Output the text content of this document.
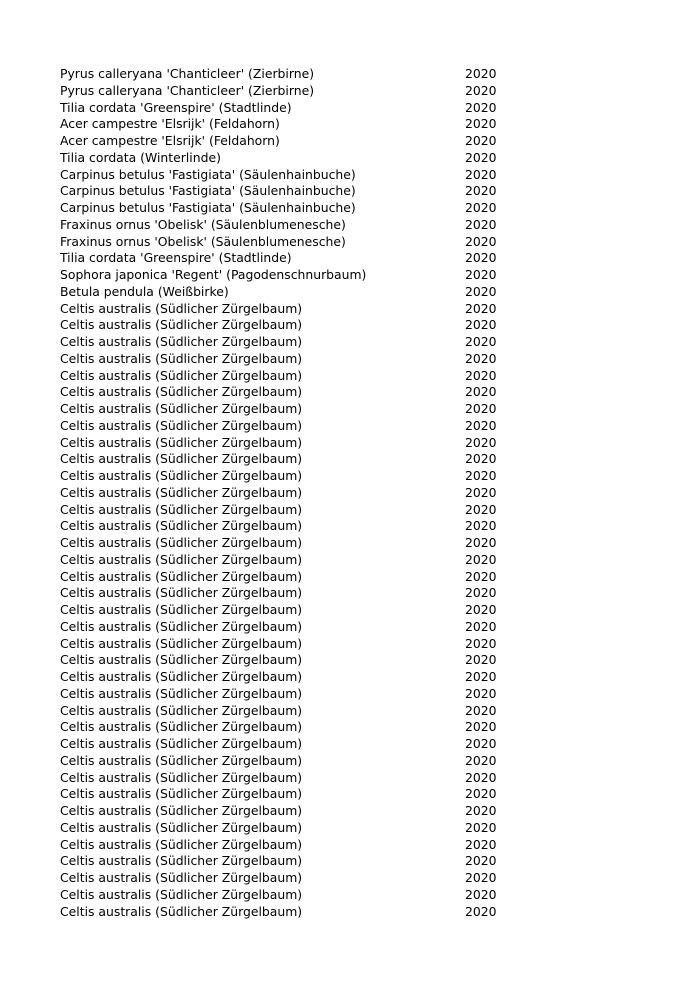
Pyrus calleryana 'Chanticleer' (Zierbirne)	2020
Pyrus calleryana 'Chanticleer' (Zierbirne)	2020
Tilia cordata 'Greenspire' (Stadtlinde)	2020
Acer campestre 'Elsrijk' (Feldahorn)	2020
Acer campestre 'Elsrijk' (Feldahorn)	2020
Tilia cordata (Winterlinde)	2020
Carpinus betulus 'Fastigiata' (Säulenhainbuche)	2020
Carpinus betulus 'Fastigiata' (Säulenhainbuche)	2020
Carpinus betulus 'Fastigiata' (Säulenhainbuche)	2020
Fraxinus ornus 'Obelisk' (Säulenblumenesche)	2020
Fraxinus ornus 'Obelisk' (Säulenblumenesche)	2020
Tilia cordata 'Greenspire' (Stadtlinde)	2020
Sophora japonica 'Regent' (Pagodenschnurbaum)	2020
Betula pendula (Weißbirke)	2020
Celtis australis (Südlicher Zürgelbaum)	2020
Celtis australis (Südlicher Zürgelbaum)	2020
Celtis australis (Südlicher Zürgelbaum)	2020
Celtis australis (Südlicher Zürgelbaum)	2020
Celtis australis (Südlicher Zürgelbaum)	2020
Celtis australis (Südlicher Zürgelbaum)	2020
Celtis australis (Südlicher Zürgelbaum)	2020
Celtis australis (Südlicher Zürgelbaum)	2020
Celtis australis (Südlicher Zürgelbaum)	2020
Celtis australis (Südlicher Zürgelbaum)	2020
Celtis australis (Südlicher Zürgelbaum)	2020
Celtis australis (Südlicher Zürgelbaum)	2020
Celtis australis (Südlicher Zürgelbaum)	2020
Celtis australis (Südlicher Zürgelbaum)	2020
Celtis australis (Südlicher Zürgelbaum)	2020
Celtis australis (Südlicher Zürgelbaum)	2020
Celtis australis (Südlicher Zürgelbaum)	2020
Celtis australis (Südlicher Zürgelbaum)	2020
Celtis australis (Südlicher Zürgelbaum)	2020
Celtis australis (Südlicher Zürgelbaum)	2020
Celtis australis (Südlicher Zürgelbaum)	2020
Celtis australis (Südlicher Zürgelbaum)	2020
Celtis australis (Südlicher Zürgelbaum)	2020
Celtis australis (Südlicher Zürgelbaum)	2020
Celtis australis (Südlicher Zürgelbaum)	2020
Celtis australis (Südlicher Zürgelbaum)	2020
Celtis australis (Südlicher Zürgelbaum)	2020
Celtis australis (Südlicher Zürgelbaum)	2020
Celtis australis (Südlicher Zürgelbaum)	2020
Celtis australis (Südlicher Zürgelbaum)	2020
Celtis australis (Südlicher Zürgelbaum)	2020
Celtis australis (Südlicher Zürgelbaum)	2020
Celtis australis (Südlicher Zürgelbaum)	2020
Celtis australis (Südlicher Zürgelbaum)	2020
Celtis australis (Südlicher Zürgelbaum)	2020
Celtis australis (Südlicher Zürgelbaum)	2020
Celtis australis (Südlicher Zürgelbaum)	2020
